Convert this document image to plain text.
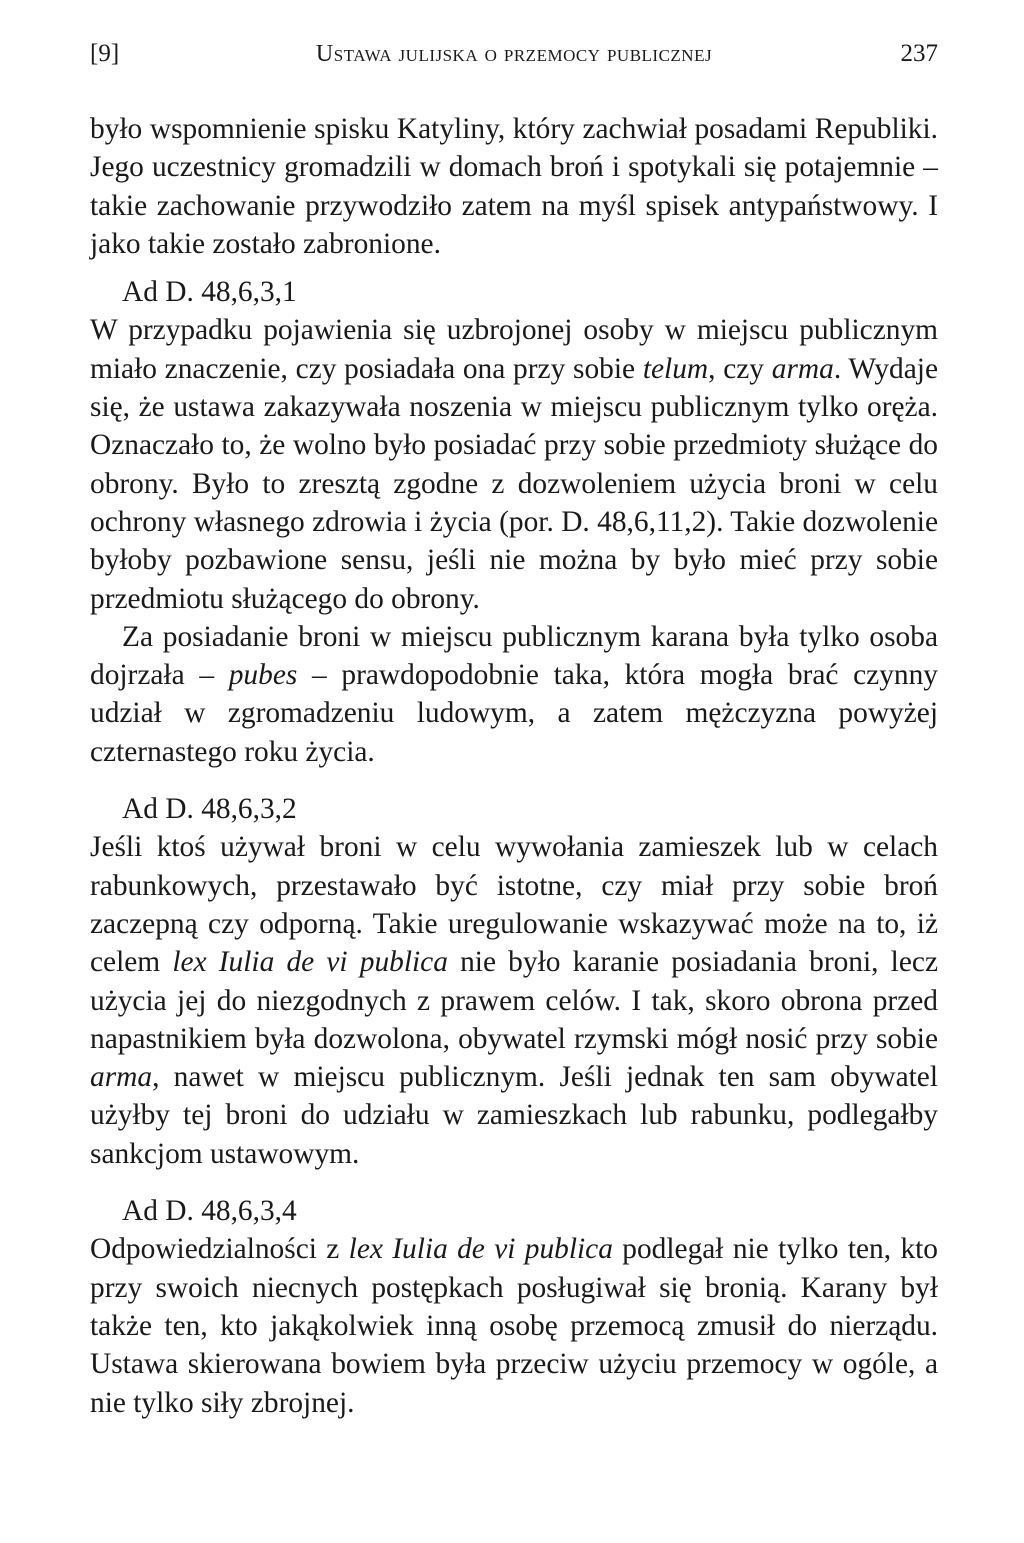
[9]	Ustawa julijska o przemocy publicznej	237

było wspomnienie spisku Katyliny, który zachwiał posadami Republiki. Jego uczestnicy gromadzili w domach broń i spotykali się potajemnie – takie zachowanie przywodziło zatem na myśl spisek antypaństwowy. I jako takie zostało zabronione.

Ad D. 48,6,3,1

W przypadku pojawienia się uzbrojonej osoby w miejscu publicznym miało znaczenie, czy posiadała ona przy sobie telum, czy arma. Wydaje się, że ustawa zakazywała noszenia w miejscu publicznym tylko oręża. Oznaczało to, że wolno było posiadać przy sobie przedmioty służące do obrony. Było to zresztą zgodne z dozwoleniem użycia broni w celu ochrony własnego zdrowia i życia (por. D. 48,6,11,2). Takie dozwolenie byłoby pozbawione sensu, jeśli nie można by było mieć przy sobie przedmiotu służącego do obrony.

Za posiadanie broni w miejscu publicznym karana była tylko osoba dojrzała – pubes – prawdopodobnie taka, która mogła brać czynny udział w zgromadzeniu ludowym, a zatem mężczyzna powyżej czternastego roku życia.

Ad D. 48,6,3,2

Jeśli ktoś używał broni w celu wywołania zamieszek lub w celach rabunkowych, przestawało być istotne, czy miał przy sobie broń zaczepną czy odporną. Takie uregulowanie wskazywać może na to, iż celem lex Iulia de vi publica nie było karanie posiadania broni, lecz użycia jej do niezgodnych z prawem celów. I tak, skoro obrona przed napastnikiem była dozwolona, obywatel rzymski mógł nosić przy sobie arma, nawet w miejscu publicznym. Jeśli jednak ten sam obywatel użyłby tej broni do udziału w zamieszkach lub rabunku, podlegałby sankcjom ustawowym.

Ad D. 48,6,3,4

Odpowiedzialności z lex Iulia de vi publica podlegał nie tylko ten, kto przy swoich niecnych postępkach posługiwał się bronią. Karany był także ten, kto jakąkolwiek inną osobę przemocą zmusił do nierządu. Ustawa skierowana bowiem była przeciw użyciu przemocy w ogóle, a nie tylko siły zbrojnej.
